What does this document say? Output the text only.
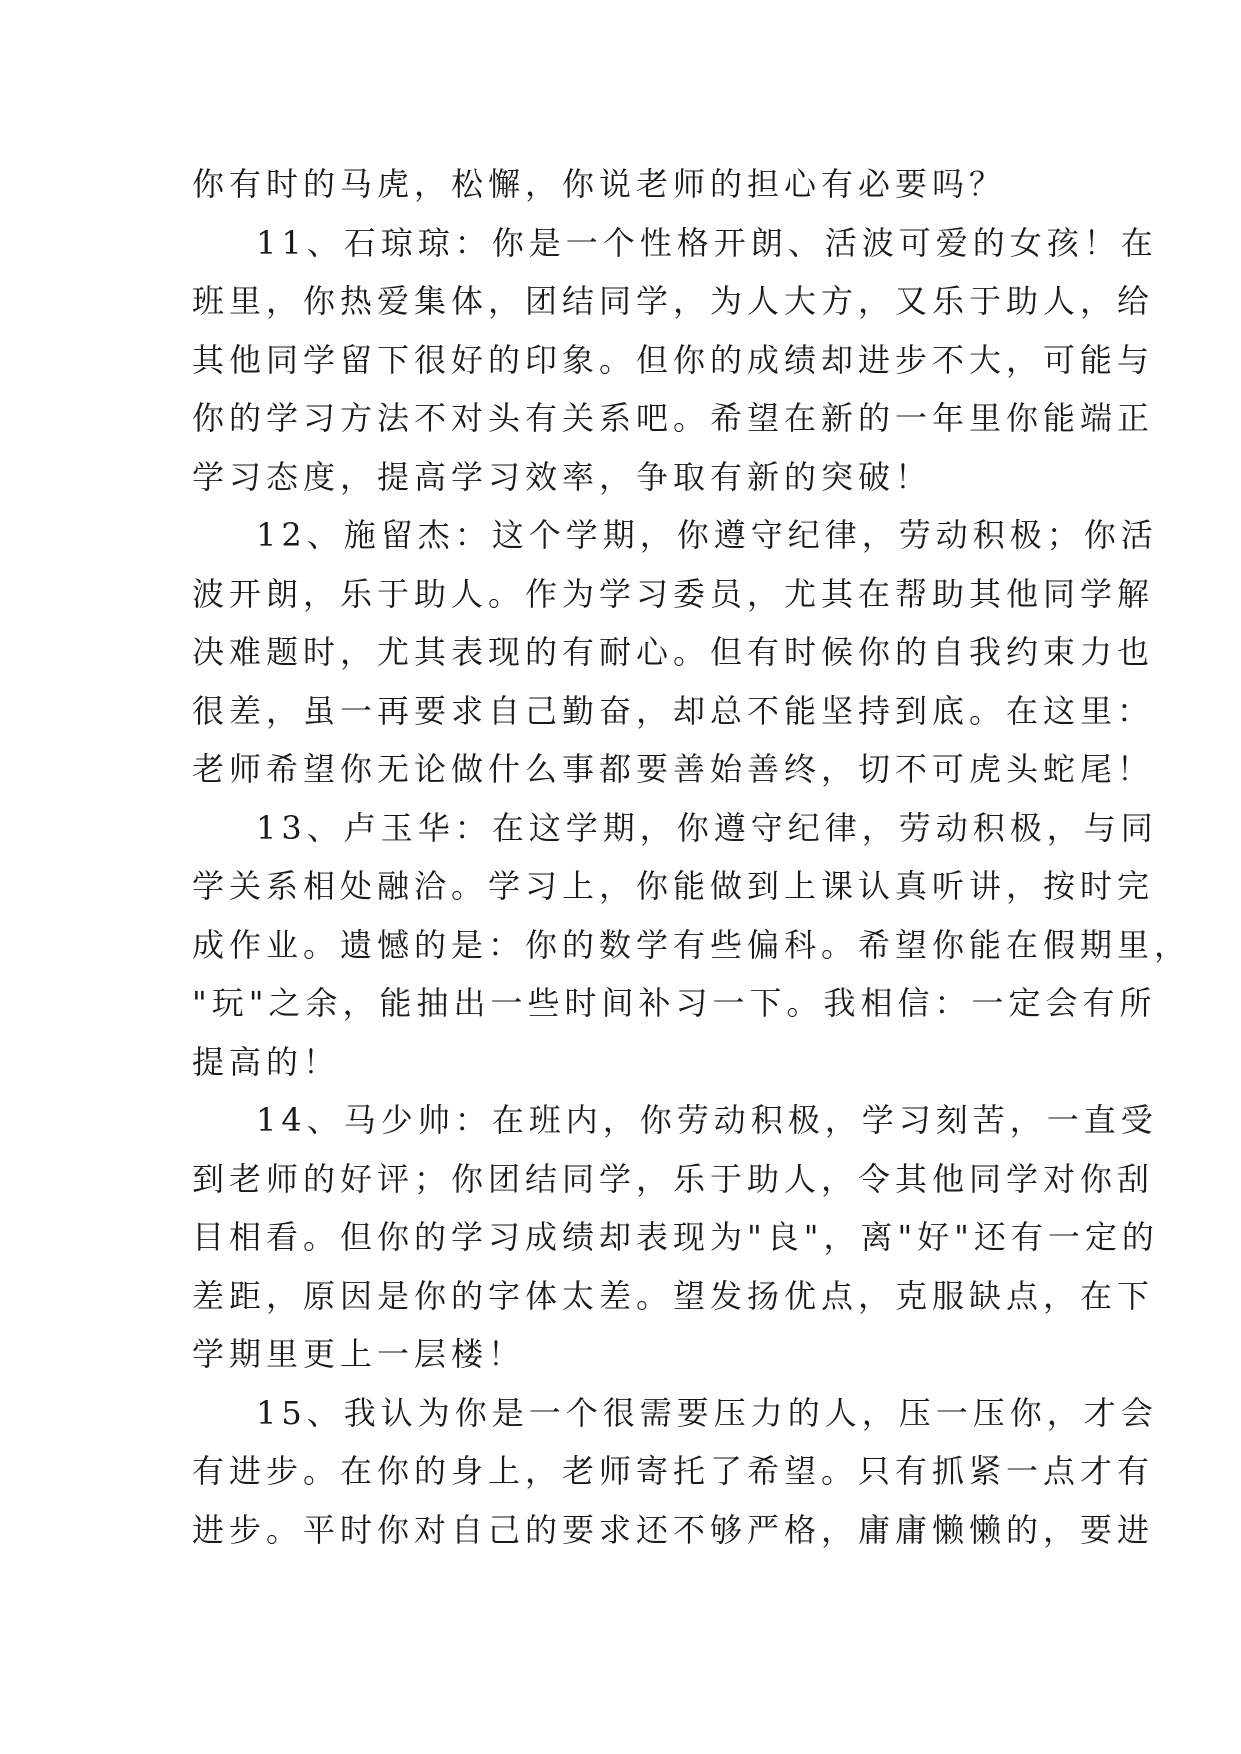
你有时的马虎，松懈，你说老师的担心有必要吗？
11、石琼琼：你是一个性格开朗、活波可爱的女孩！在
班里，你热爱集体，团结同学，为人大方，又乐于助人，给
其他同学留下很好的印象。但你的成绩却进步不大，可能与
你的学习方法不对头有关系吧。希望在新的一年里你能端正
学习态度，提高学习效率，争取有新的突破！
12、施留杰：这个学期，你遵守纪律，劳动积极；你活
波开朗，乐于助人。作为学习委员，尤其在帮助其他同学解
决难题时，尤其表现的有耐心。但有时候你的自我约束力也
很差，虽一再要求自己勤奋，却总不能坚持到底。在这里：
老师希望你无论做什么事都要善始善终，切不可虎头蛇尾！
13、卢玉华：在这学期，你遵守纪律，劳动积极，与同
学关系相处融洽。学习上，你能做到上课认真听讲，按时完
成作业。遗憾的是：你的数学有些偏科。希望你能在假期里，
"玩"之余，能抽出一些时间补习一下。我相信：一定会有所
提高的！
14、马少帅：在班内，你劳动积极，学习刻苦，一直受
到老师的好评；你团结同学，乐于助人，令其他同学对你刮
目相看。但你的学习成绩却表现为"良"，离"好"还有一定的
差距，原因是你的字体太差。望发扬优点，克服缺点，在下
学期里更上一层楼！
15、我认为你是一个很需要压力的人，压一压你，才会
有进步。在你的身上，老师寄托了希望。只有抓紧一点才有
进步。平时你对自己的要求还不够严格，庸庸懒懒的，要进
